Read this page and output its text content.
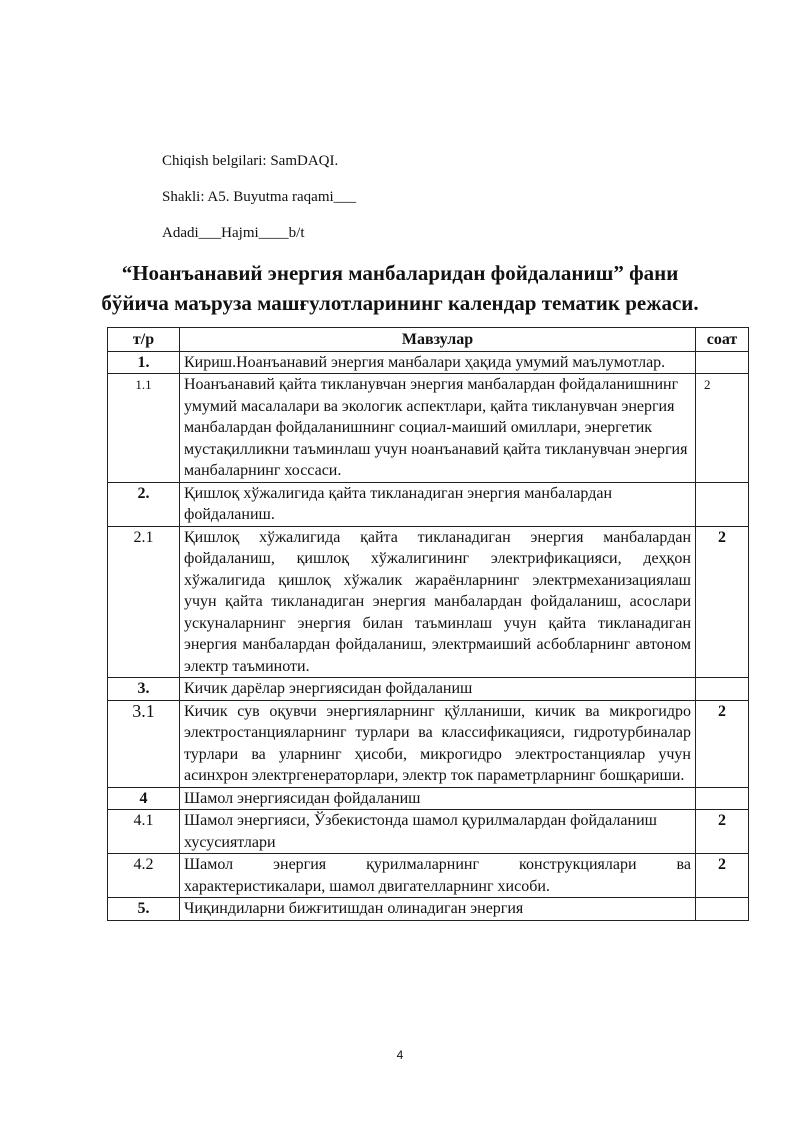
Chiqish belgilari: SamDAQI.
Shakli: A5. Buyutma raqami___
Adadi___Hajmi____b/t
“Ноанъанавий энергия манбаларидан фойдаланиш” фани
бўйича маъруза машғулотларининг календар тематик режаси.
т/р	Мавзулар	соат
1.	Кириш.Ноанъанавий энергия манбалари ҳақида умумий маълумотлар.	
1.1	Ноанъанавий қайта тикланувчан энергия манбалардан фойдаланишнинг умумий масалалари ва экологик аспектлари, қайта тикланувчан энергия манбалардан фойдаланишнинг социал-маиший омиллари, энергетик мустақилликни таъминлаш учун ноанъанавий қайта тикланувчан энергия манбаларнинг хоссаси.	2
2.	Қишлоқ хўжалигида қайта тикланадиган энергия манбалардан фойдаланиш.	
2.1	Қишлоқ хўжалигида қайта тикланадиган энергия манбалардан фойдаланиш, қишлоқ хўжалигининг электрификацияси, деҳқон хўжалигида қишлоқ хўжалик жараёнларнинг электрмеханизациялаш учун қайта тикланадиган энергия манбалардан фойдаланиш, асослари ускуналарнинг энергия билан таъминлаш учун қайта тикланадиган энергия манбалардан фойдаланиш, электрмаиший асбобларнинг автоном электр таъминоти.	2
3.	Кичик дарёлар энергиясидан фойдаланиш	
3.1	Кичик сув оқувчи энергияларнинг қўлланиши, кичик ва микрогидро электростанцияларнинг турлари ва классификацияси, гидротурбиналар турлари ва уларнинг ҳисоби, микрогидро электростанциялар учун асинхрон электргенераторлари, электр ток параметрларнинг бошқариши.	2
4	Шамол энергиясидан фойдаланиш	
4.1	Шамол энергияси, Ўзбекистонда шамол қурилмалардан фойдаланиш хусусиятлари	2
4.2	Шамол энергия қурилмаларнинг конструкциялари ва характеристикалари, шамол двигателларнинг хисоби.	2
5.	Чиқиндиларни бижғитишдан олинадиган энергия	
4
